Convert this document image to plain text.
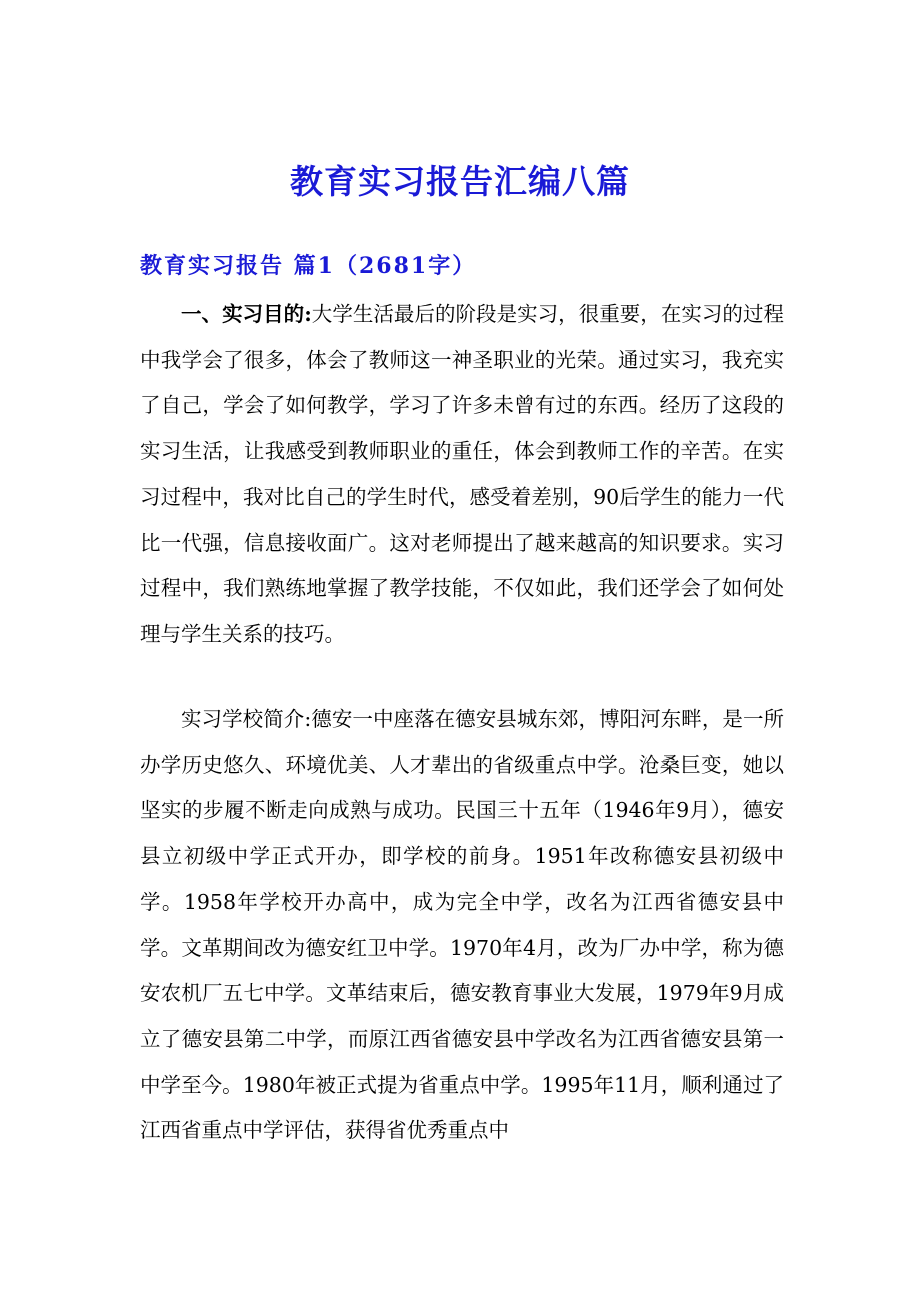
教育实习报告汇编八篇
教育实习报告 篇1（2681字）

一、实习目的:大学生活最后的阶段是实习，很重要，在实习的过程中我学会了很多，体会了教师这一神圣职业的光荣。通过实习，我充实了自己，学会了如何教学，学习了许多未曾有过的东西。经历了这段的实习生活，让我感受到教师职业的重任，体会到教师工作的辛苦。在实习过程中，我对比自己的学生时代，感受着差别，90后学生的能力一代比一代强，信息接收面广。这对老师提出了越来越高的知识要求。实习过程中，我们熟练地掌握了教学技能，不仅如此，我们还学会了如何处理与学生关系的技巧。

实习学校简介:德安一中座落在德安县城东郊，博阳河东畔，是一所办学历史悠久、环境优美、人才辈出的省级重点中学。沧桑巨变，她以坚实的步履不断走向成熟与成功。民国三十五年（1946年9月），德安县立初级中学正式开办，即学校的前身。1951年改称德安县初级中学。1958年学校开办高中，成为完全中学，改名为江西省德安县中学。文革期间改为德安红卫中学。1970年4月，改为厂办中学，称为德安农机厂五七中学。文革结束后，德安教育事业大发展，1979年9月成立了德安县第二中学，而原江西省德安县中学改名为江西省德安县第一中学至今。1980年被正式提为省重点中学。1995年11月，顺利通过了江西省重点中学评估，获得省优秀重点中
